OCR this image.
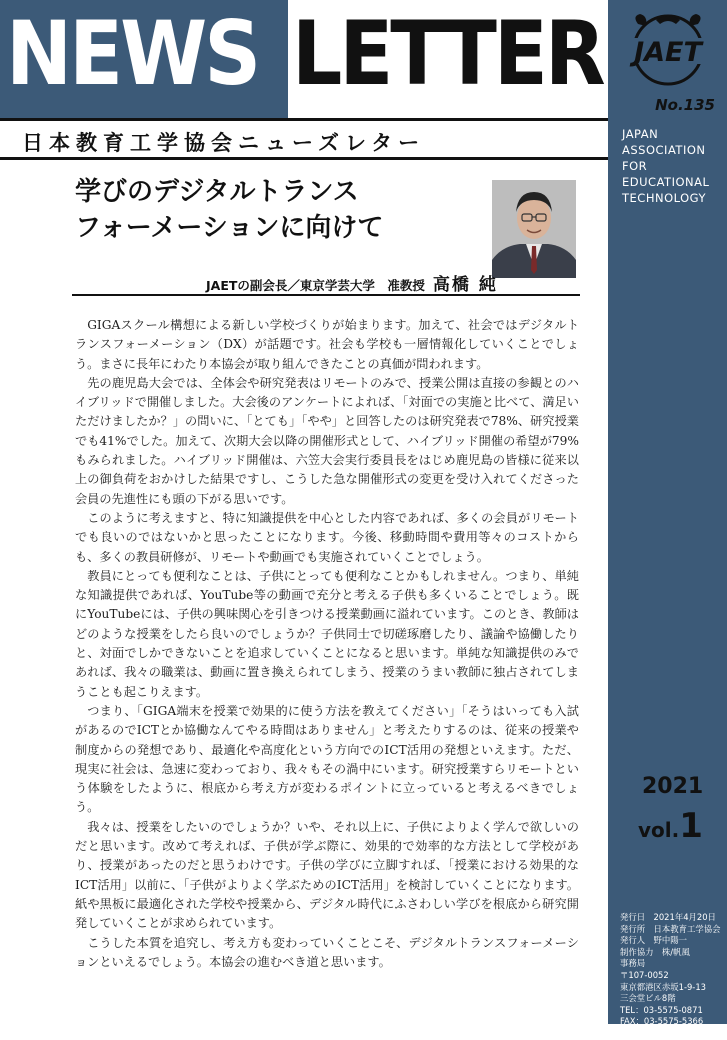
NEWS LETTER JAET
No.135
日本教育工学協会ニューズレター	JAPAN
ASSOCIATION
FOR
EDUCATIONAL
TECHNOLOGY
2021
vol.1
発行日　2021年4月20日
発行所　日本教育工学協会
発行人　野中陽一
制作協力　株/帆風
事務局
〒107-0052
東京都港区赤坂1-9-13
三会堂ビル8階
TEL：03-5575-0871
FAX：03-5575-5366
http://www.jaet.jp/
学びのデジタルトランス
フォーメーションに向けて
JAETの副会長／東京学芸大学　准教授 高橋 純

GIGAスクール構想による新しい学校づくりが始まります。加えて、社会ではデジタルトランスフォーメーション（DX）が話題です。社会も学校も一層情報化していくことでしょう。まさに長年にわたり本協会が取り組んできたことの真価が問われます。

先の鹿児島大会では、全体会や研究発表はリモートのみで、授業公開は直接の参観とのハイブリッドで開催しました。大会後のアンケートによれば、「対面での実施と比べて、満足いただけましたか？」の問いに、「とても」「やや」と回答したのは研究発表で78%、研究授業でも41%でした。加えて、次期大会以降の開催形式として、ハイブリッド開催の希望が79%もみられました。ハイブリッド開催は、六笠大会実行委員長をはじめ鹿児島の皆様に従来以上の御負荷をおかけした結果ですし、こうした急な開催形式の変更を受け入れてくださった会員の先進性にも頭の下がる思いです。

このように考えますと、特に知識提供を中心とした内容であれば、多くの会員がリモートでも良いのではないかと思ったことになります。今後、移動時間や費用等々のコストからも、多くの教員研修が、リモートや動画でも実施されていくことでしょう。

教員にとっても便利なことは、子供にとっても便利なことかもしれません。つまり、単純な知識提供であれば、YouTube等の動画で充分と考える子供も多くいることでしょう。既にYouTubeには、子供の興味関心を引きつける授業動画に溢れています。このとき、教師はどのような授業をしたら良いのでしょうか？子供同士で切磋琢磨したり、議論や協働したりと、対面でしかできないことを追求していくことになると思います。単純な知識提供のみであれば、我々の職業は、動画に置き換えられてしまう、授業のうまい教師に独占されてしまうことも起こりえます。

つまり、「GIGA端末を授業で効果的に使う方法を教えてください」「そうはいっても入試があるのでICTとか協働なんてやる時間はありません」と考えたりするのは、従来の授業や制度からの発想であり、最適化や高度化という方向でのICT活用の発想といえます。ただ、現実に社会は、急速に変わっており、我々もその渦中にいます。研究授業すらリモートという体験をしたように、根底から考え方が変わるポイントに立っていると考えるべきでしょう。

我々は、授業をしたいのでしょうか？いや、それ以上に、子供によりよく学んで欲しいのだと思います。改めて考えれば、子供が学ぶ際に、効果的で効率的な方法として学校があり、授業があったのだと思うわけです。子供の学びに立脚すれば、「授業における効果的なICT活用」以前に、「子供がよりよく学ぶためのICT活用」を検討していくことになります。紙や黒板に最適化された学校や授業から、デジタル時代にふさわしい学びを根底から研究開発していくことが求められています。

こうした本質を追究し、考え方も変わっていくことこそ、デジタルトランスフォーメーションといえるでしょう。本協会の進むべき道と思います。
